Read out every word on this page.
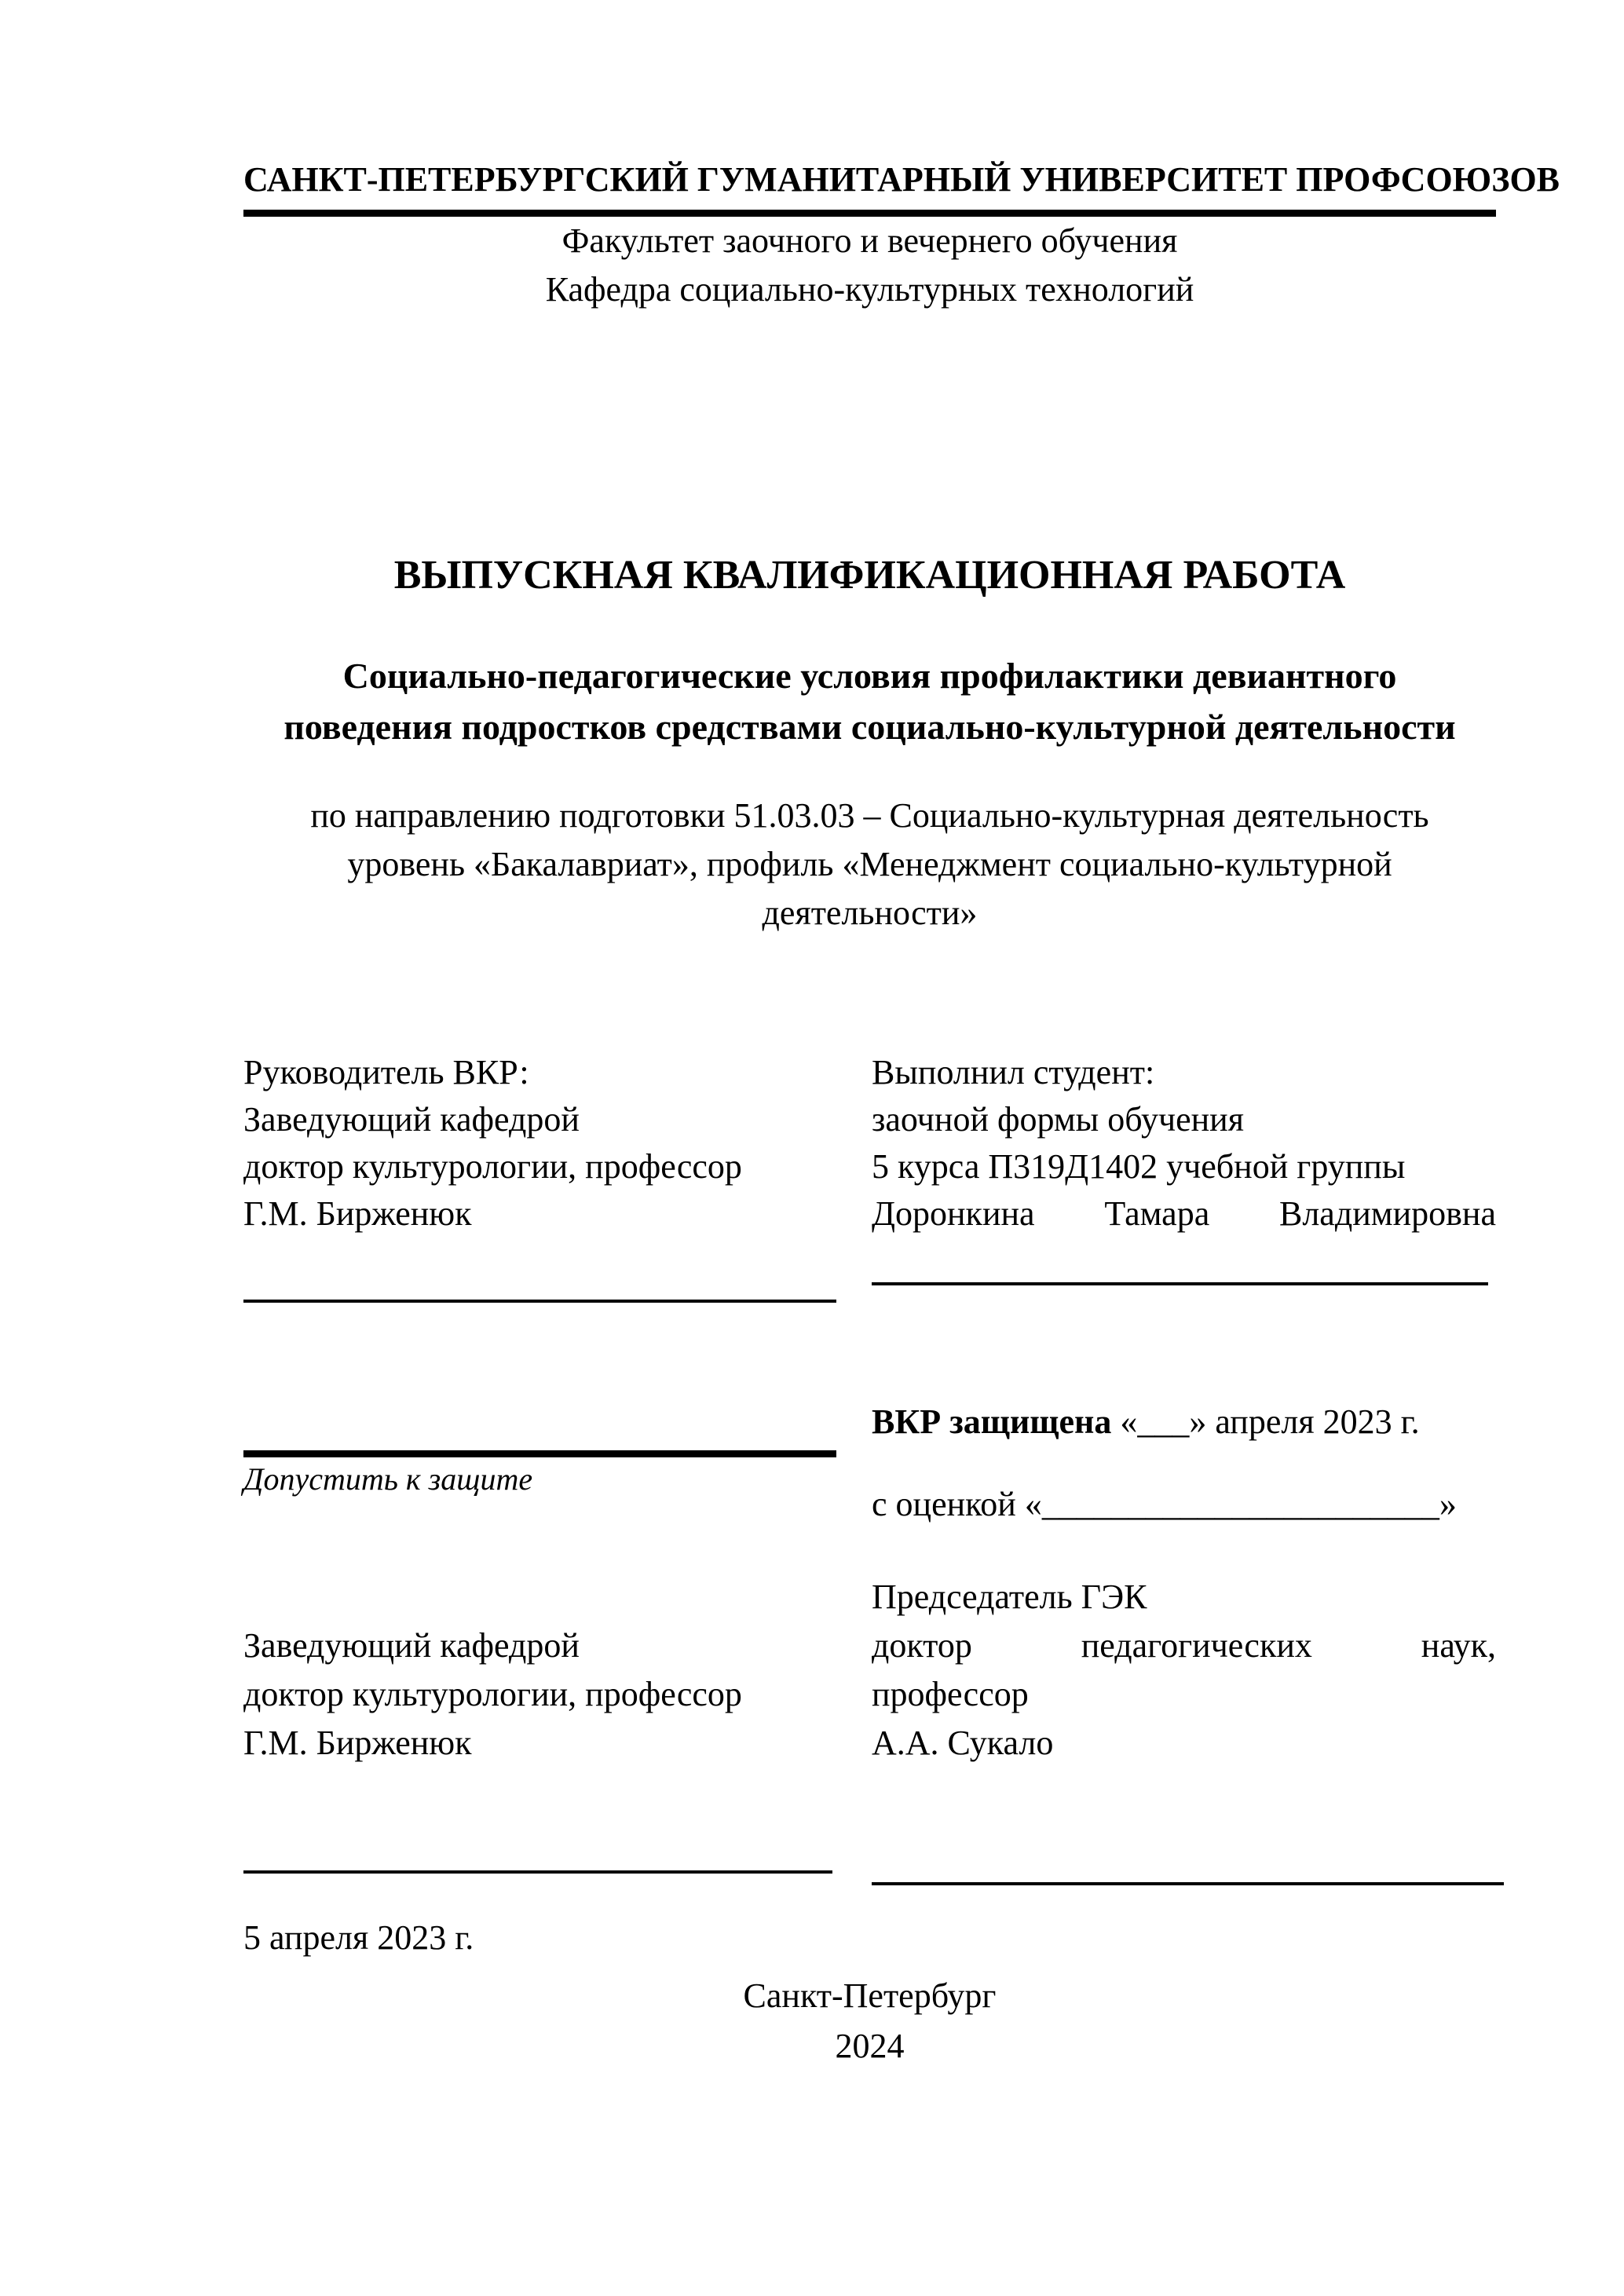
САНКТ-ПЕТЕРБУРГСКИЙ ГУМАНИТАРНЫЙ УНИВЕРСИТЕТ ПРОФСОЮЗОВ

Факультет заочного и вечернего обучения

Кафедра социально-культурных технологий

ВЫПУСКНАЯ КВАЛИФИКАЦИОННАЯ РАБОТА

Социально-педагогические условия профилактики девиантного

поведения подростков средствами социально-культурной деятельности

по направлению подготовки 51.03.03 – Социально-культурная деятельность

уровень «Бакалавриат», профиль «Менеджмент социально-культурной

деятельности»

Руководитель ВКР:

Заведующий кафедрой

доктор культурологии, профессор

Г.М. Бирженюк

Выполнил студент:

заочной формы обучения

5 курса П319Д1402 учебной группы

Доронкина Тамара Владимировна

Допустить к защите

ВКР защищена «___» апреля 2023 г.

с оценкой «_______________________»

Заведующий кафедрой

доктор культурологии, профессор

Г.М. Бирженюк

Председатель ГЭК

доктор педагогических наук,

профессор

А.А. Сукало

5 апреля 2023 г.

Санкт-Петербург

2024
